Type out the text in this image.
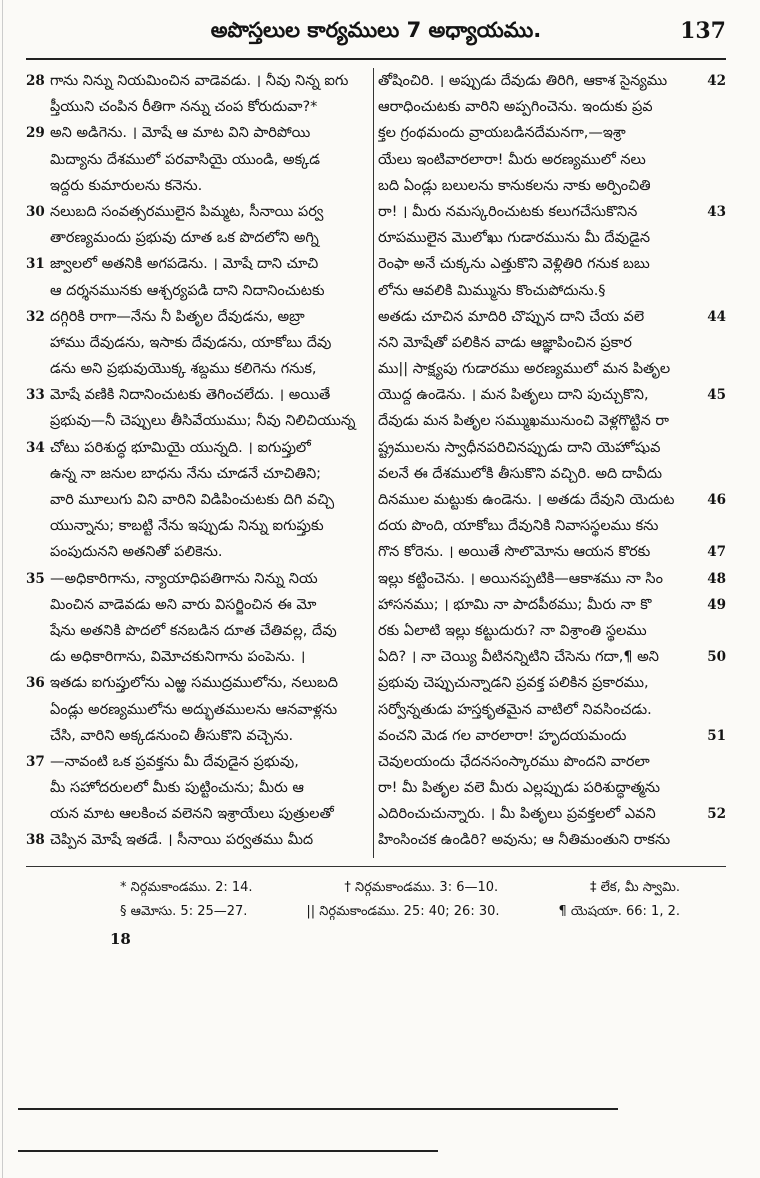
అపొస్తలుల కార్యములు 7 అధ్యాయము.	137
28 గాను నిన్ను నియమించిన వాడెవడు. । నీవు నిన్న ఐగు
ప్తీయుని చంపిన రీతిగా నన్ను చంప కోరుదువా?*
29 అని అడిగెను. । మోషే ఆ మాట విని పారిపోయి
మిద్యాను దేశములో పరవాసియై యుండి, అక్కడ
ఇద్దరు కుమారులను కనెను.
30 నలుబది సంవత్సరములైన పిమ్మట, సీనాయి పర్వ
తారణ్యమందు ప్రభువు దూత ఒక పొదలోని అగ్ని
31 జ్వాలలో అతనికి అగపడెను. । మోషే దాని చూచి
ఆ దర్శనమునకు ఆశ్చర్యపడి దాని నిదానించుటకు
32 దగ్గిరికి రాగా—నేను నీ పితృల దేవుడను, అబ్రా
హాము దేవుడను, ఇసాకు దేవుడను, యాకోబు దేవు
డను అని ప్రభువుయొక్క శబ్దము కలిగెను గనుక,
33 మోషే వణికి నిదానించుటకు తెగించలేదు. । అయితే
ప్రభువు—నీ చెప్పులు తీసివేయుము; నీవు నిలిచియున్న
34 చోటు పరిశుద్ధ భూమియై యున్నది. । ఐగుప్తులో
ఉన్న నా జనుల బాధను నేను చూడనే చూచితిని;
వారి మూలుగు విని వారిని విడిపించుటకు దిగి వచ్చి
యున్నాను; కాబట్టి నేను ఇప్పుడు నిన్ను ఐగుప్తుకు
పంపుదునని అతనితో పలికెను.
35 —అధికారిగాను, న్యాయాధిపతిగాను నిన్ను నియ
మించిన వాడెవడు అని వారు విసర్జించిన ఈ మో
షేను అతనికి పొదలో కనబడిన దూత చేతివల్ల, దేవు
డు అధికారిగాను, విమోచకునిగాను పంపెను. ।
36 ఇతడు ఐగుప్తులోను ఎఱ్ఱ సముద్రములోను, నలుబది
ఏండ్లు అరణ్యములోను అద్భుతములను ఆనవాళ్లను
చేసి, వారిని అక్కడనుంచి తీసుకొని వచ్చెను.
37 —నావంటి ఒక ప్రవక్తను మీ దేవుడైన ప్రభువు,
మీ సహోదరులలో మీకు పుట్టించును; మీరు ఆ
యన మాట ఆలకించ వలెనని ఇశ్రాయేలు పుత్రులతో
38 చెప్పిన మోషే ఇతడే. । సీనాయి పర్వతము మీద
తోషించిరి. । అప్పుడు దేవుడు తిరిగి, ఆకాశ సైన్యము	42
ఆరాధించుటకు వారిని అప్పగించెను. ఇందుకు ప్రవ
క్తల గ్రంథమందు వ్రాయబడినదేమనగా,—ఇశ్రా
యేలు ఇంటివారలారా! మీరు అరణ్యములో నలు
బది ఏండ్లు బలులను కానుకలను నాకు అర్పించితి
రా! । మీరు నమస్కరించుటకు కలుగచేసుకొనిన	43
రూపములైన మొలోఖు గుడారమును మీ దేవుడైన
రెంఫా అనే చుక్కను ఎత్తుకొని వెళ్లితిరి గనుక బబు
లోను ఆవలికి మిమ్మును కొంచుపోదును.§
అతడు చూచిన మాదిరి చొప్పున దాని చేయ వలె	44
నని మోషేతో పలికిన వాడు ఆజ్ఞాపించిన ప్రకార
ము|| సాక్ష్యపు గుడారము అరణ్యములో మన పితృల
యొద్ద ఉండెను. । మన పితృలు దాని పుచ్చుకొని,	45
దేవుడు మన పితృల సమ్ముఖమునుంచి వెళ్లగొట్టిన రా
ష్ట్రములను స్వాధీనపరిచినప్పుడు దాని యెహోషువ
వలనే ఈ దేశములోకి తీసుకొని వచ్చిరి. అది దావీదు
దినముల మట్టుకు ఉండెను. । అతడు దేవుని యెదుట	46
దయ పొంది, యాకోబు దేవునికి నివాసస్థలము కను
గొన కోరెను. । అయితే సొలొమోను ఆయన కొరకు	47
ఇల్లు కట్టించెను. । అయినప్పటికి—ఆకాశము నా సిం	48
హాసనము; । భూమి నా పాదపీఠము; మీరు నా కొ	49
రకు ఏలాటి ఇల్లు కట్టుదురు? నా విశ్రాంతి స్థలము
ఏది? । నా చెయ్యి వీటినన్నిటిని చేసెను గదా,¶ అని	50
ప్రభువు చెప్పుచున్నాడని ప్రవక్త పలికిన ప్రకారము,
సర్వోన్నతుడు హస్తకృతమైన వాటిలో నివసించడు.
వంచని మెడ గల వారలారా! హృదయమందు	51
చెవులయందు ఛేదనసంస్కారము పొందని వారలా
రా! మీ పితృల వలె మీరు ఎల్లప్పుడు పరిశుద్ధాత్మను
ఎదిరించుచున్నారు. । మీ పితృలు ప్రవక్తలలో ఎవని	52
హింసించక ఉండిరి? అవును; ఆ నీతిమంతుని రాకను
* నిర్గమకాండము. 2: 14.	† నిర్గమకాండము. 3: 6—10.	‡ లేక, మీ స్వామి.
§ ఆమోసు. 5: 25—27.	|| నిర్గమకాండము. 25: 40; 26: 30.	¶ యెషయా. 66: 1, 2.
18
